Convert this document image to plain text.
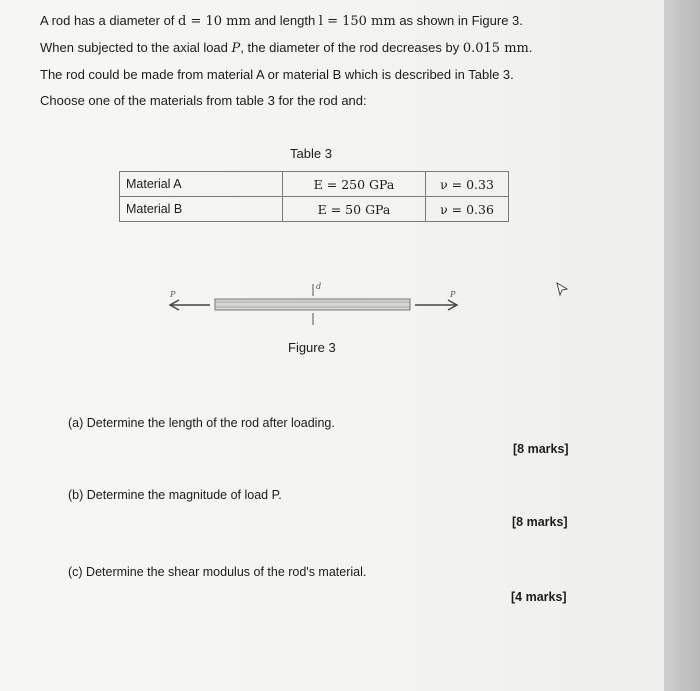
A rod has a diameter of d = 10 mm and length l = 150 mm as shown in Figure 3.

When subjected to the axial load P, the diameter of the rod decreases by 0.015 mm.

The rod could be made from material A or material B which is described in Table 3.

Choose one of the materials from table 3 for the rod and:

Table 3
Material A	E = 250 GPa	ν = 0.33
Material B	E = 50 GPa	ν = 0.36
P
d
P
Figure 3
(a) Determine the length of the rod after loading.
[8 marks]
(b) Determine the magnitude of load P.
[8 marks]
(c) Determine the shear modulus of the rod's material.
[4 marks]
